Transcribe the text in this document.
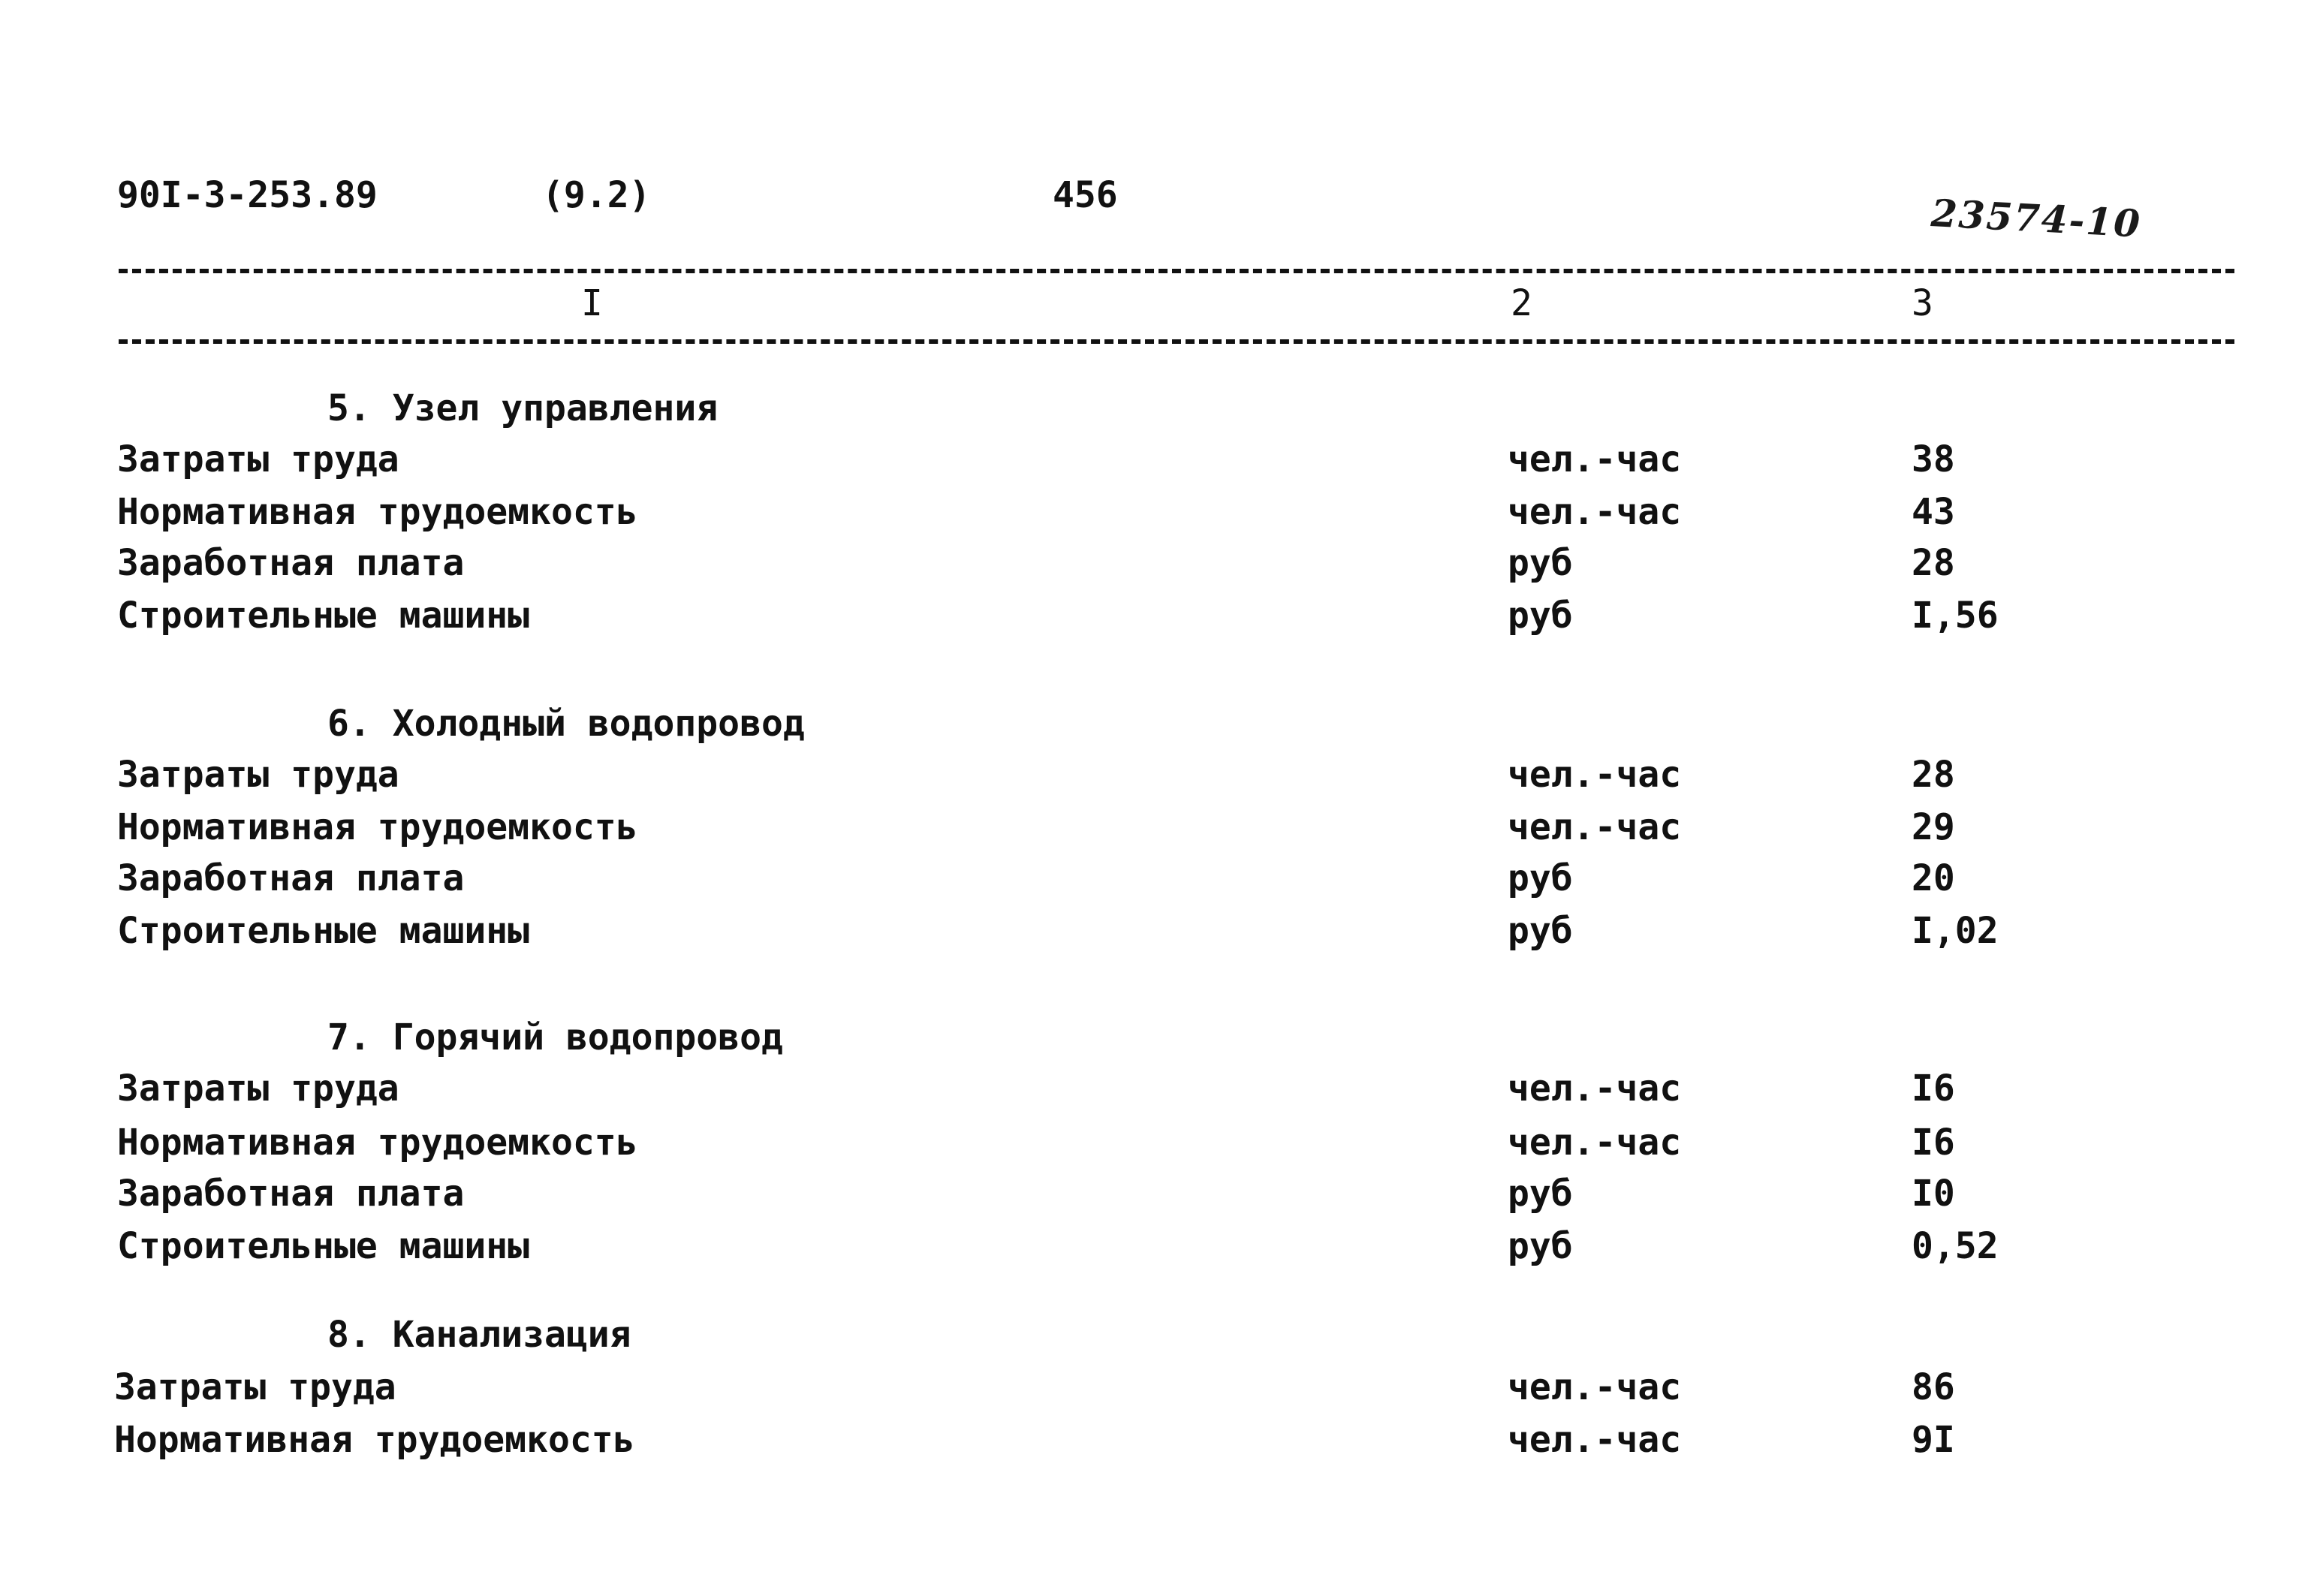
90I-3-253.89	(9.2)	456	23574-10
I	2	3
5. Узел управления
Затраты труда	чел.-час	38
Нормативная трудоемкость	чел.-час	43
Заработная плата	руб	28
Строительные машины	руб	I,56
6. Холодный водопровод
Затраты труда	чел.-час	28
Нормативная трудоемкость	чел.-час	29
Заработная плата	руб	20
Строительные машины	руб	I,02
7. Горячий водопровод
Затраты труда	чел.-час	I6
Нормативная трудоемкость	чел.-час	I6
Заработная плата	руб	I0
Строительные машины	руб	0,52
8. Канализация
Затраты труда	чел.-час	86
Нормативная трудоемкость	чел.-час	9I
